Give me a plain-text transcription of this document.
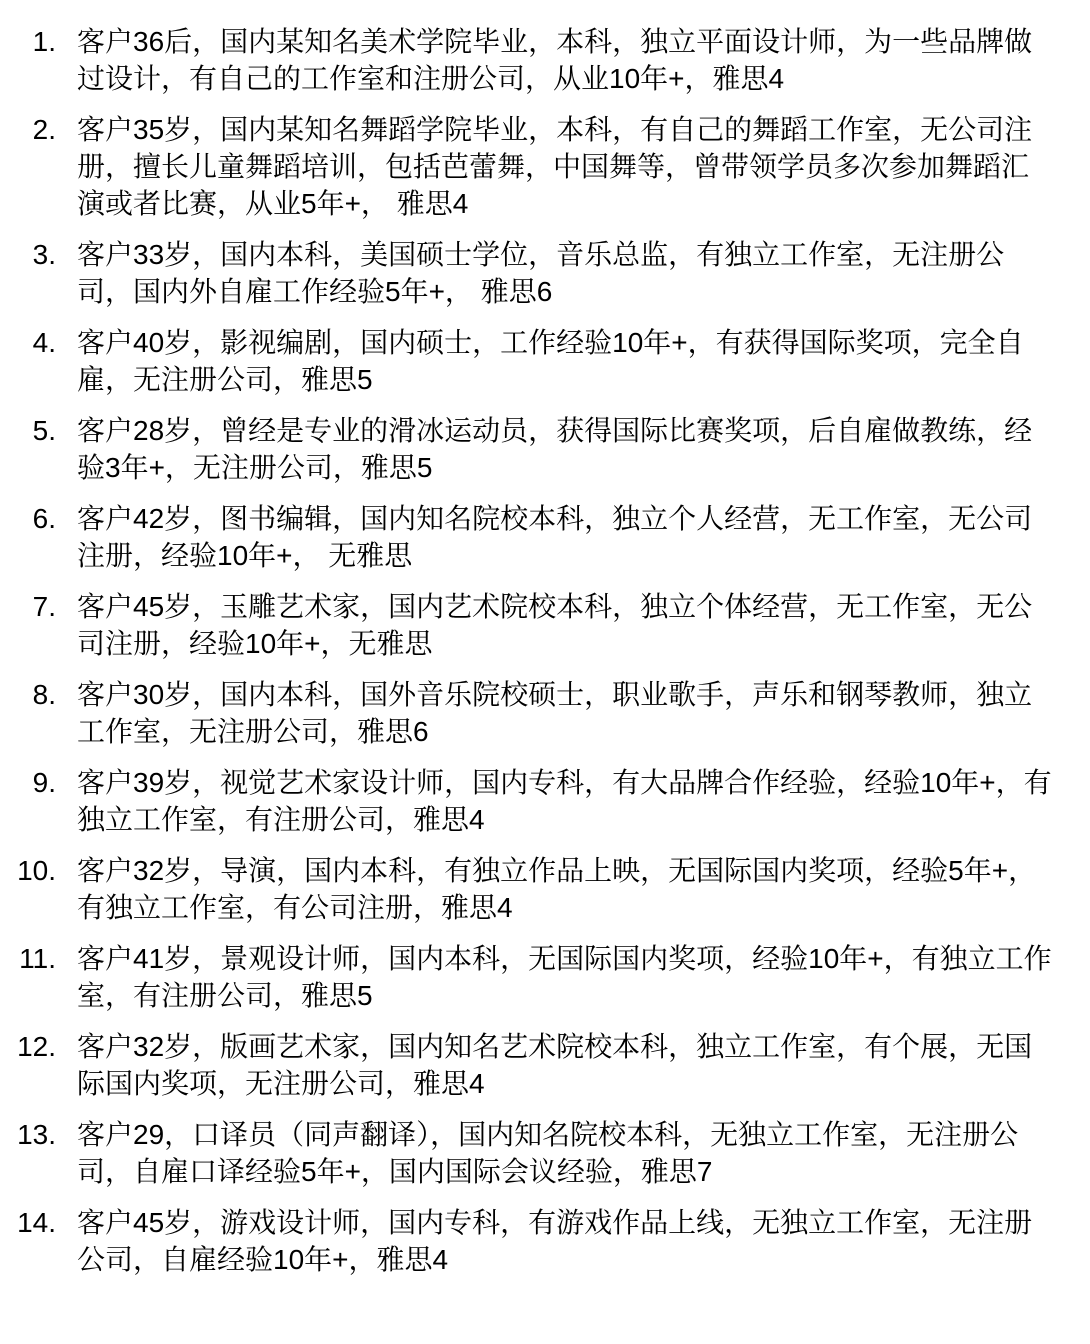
1. 客户36后，国内某知名美术学院毕业，本科，独立平面设计师，为一些品牌做过设计，有自己的工作室和注册公司，从业10年+，雅思4
2. 客户35岁，国内某知名舞蹈学院毕业，本科，有自己的舞蹈工作室，无公司注册，擅长儿童舞蹈培训，包括芭蕾舞，中国舞等，曾带领学员多次参加舞蹈汇演或者比赛，从业5年+， 雅思4
3. 客户33岁，国内本科，美国硕士学位，音乐总监，有独立工作室，无注册公司，国内外自雇工作经验5年+， 雅思6
4. 客户40岁，影视编剧，国内硕士，工作经验10年+，有获得国际奖项，完全自雇，无注册公司，雅思5
5. 客户28岁，曾经是专业的滑冰运动员，获得国际比赛奖项，后自雇做教练，经验3年+，无注册公司，雅思5
6. 客户42岁，图书编辑，国内知名院校本科，独立个人经营，无工作室，无公司注册，经验10年+， 无雅思
7. 客户45岁，玉雕艺术家，国内艺术院校本科，独立个体经营，无工作室，无公司注册，经验10年+，无雅思
8. 客户30岁，国内本科，国外音乐院校硕士，职业歌手，声乐和钢琴教师，独立工作室，无注册公司，雅思6
9. 客户39岁，视觉艺术家设计师，国内专科，有大品牌合作经验，经验10年+，有独立工作室，有注册公司，雅思4
10. 客户32岁，导演，国内本科，有独立作品上映，无国际国内奖项，经验5年+，有独立工作室，有公司注册，雅思4
11. 客户41岁，景观设计师，国内本科，无国际国内奖项，经验10年+，有独立工作室，有注册公司，雅思5
12. 客户32岁，版画艺术家，国内知名艺术院校本科，独立工作室，有个展，无国际国内奖项，无注册公司，雅思4
13. 客户29，口译员（同声翻译），国内知名院校本科，无独立工作室，无注册公司，自雇口译经验5年+，国内国际会议经验，雅思7
14. 客户45岁，游戏设计师，国内专科，有游戏作品上线，无独立工作室，无注册公司，自雇经验10年+，雅思4
